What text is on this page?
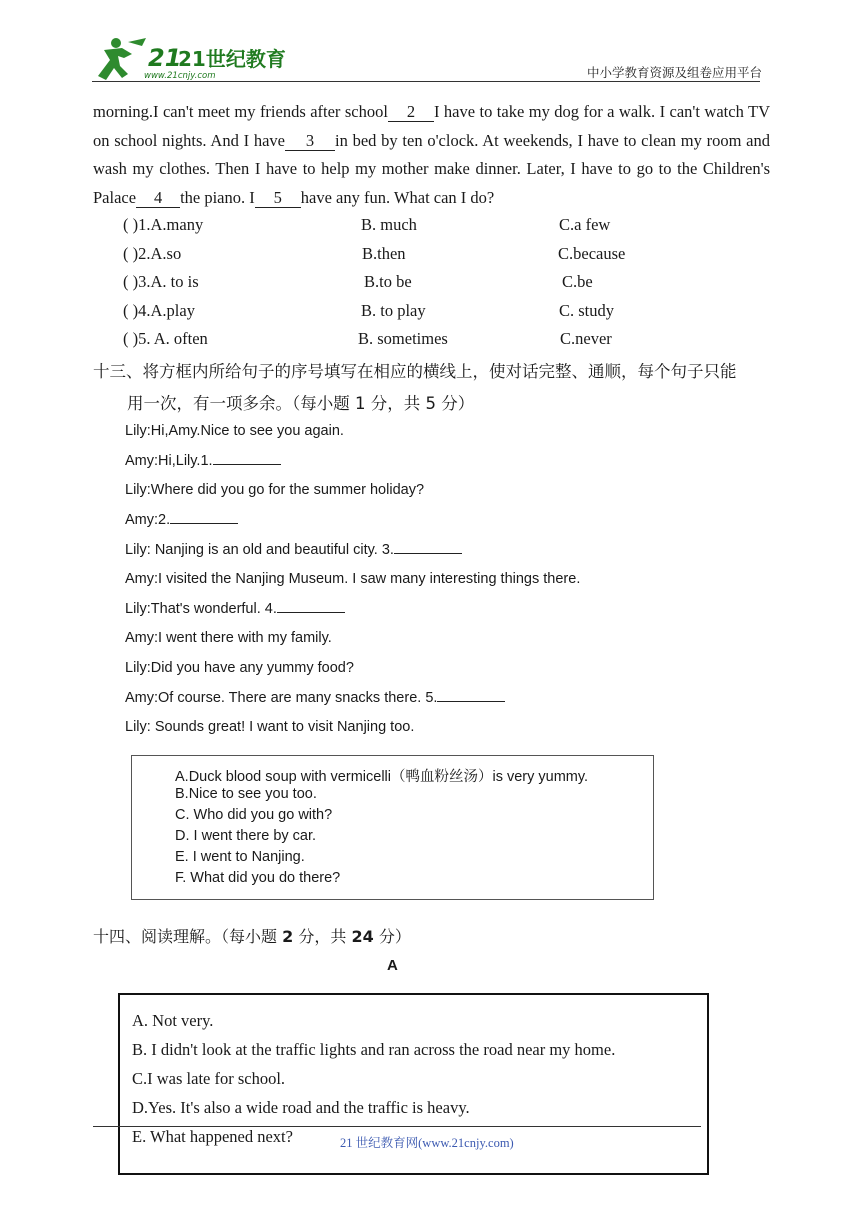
21
21世纪教育
www.21cnjy.com	中小学教育资源及组卷应用平台
morning.I can't meet my friends after school 2 I have to take my dog for a walk. I can't watch TV on school nights. And I have 3 in bed by ten o'clock. At weekends, I have to clean my room and wash my clothes. Then I have to help my mother make dinner. Later, I have to go to the Children's Palace 4 the piano. I 5 have any fun. What can I do?
( )1.A.many	B. much	C.a few
( )2.A.so	B.then	C.because
( )3.A. to is	B.to be	C.be
( )4.A.play	B. to play	C. study
( )5. A. often	B. sometimes	C.never
十三、将方框内所给句子的序号填写在相应的横线上，使对话完整、通顺，每个句子只能
用一次，有一项多余。（每小题 1 分，共 5 分）
Lily:Hi,Amy.Nice to see you again.
Amy:Hi,Lily.1.
Lily:Where did you go for the summer holiday?
Amy:2.
Lily: Nanjing is an old and beautiful city. 3.
Amy:I visited the Nanjing Museum. I saw many interesting things there.
Lily:That's wonderful. 4.
Amy:I went there with my family.
Lily:Did you have any yummy food?
Amy:Of course. There are many snacks there. 5.
Lily: Sounds great! I want to visit Nanjing too.
A.Duck blood soup with vermicelli（鸭血粉丝汤）is very yummy.
B.Nice to see you too.
C. Who did you go with?
D. I went there by car.
E. I went to Nanjing.
F. What did you do there?
十四、阅读理解。（每小题 2 分，共 24 分）
A
A. Not very.
B. I didn't look at the traffic lights and ran across the road near my home.
C.I was late for school.
D.Yes. It's also a wide road and the traffic is heavy.
E. What happened next?	21 世纪教育网(www.21cnjy.com)
